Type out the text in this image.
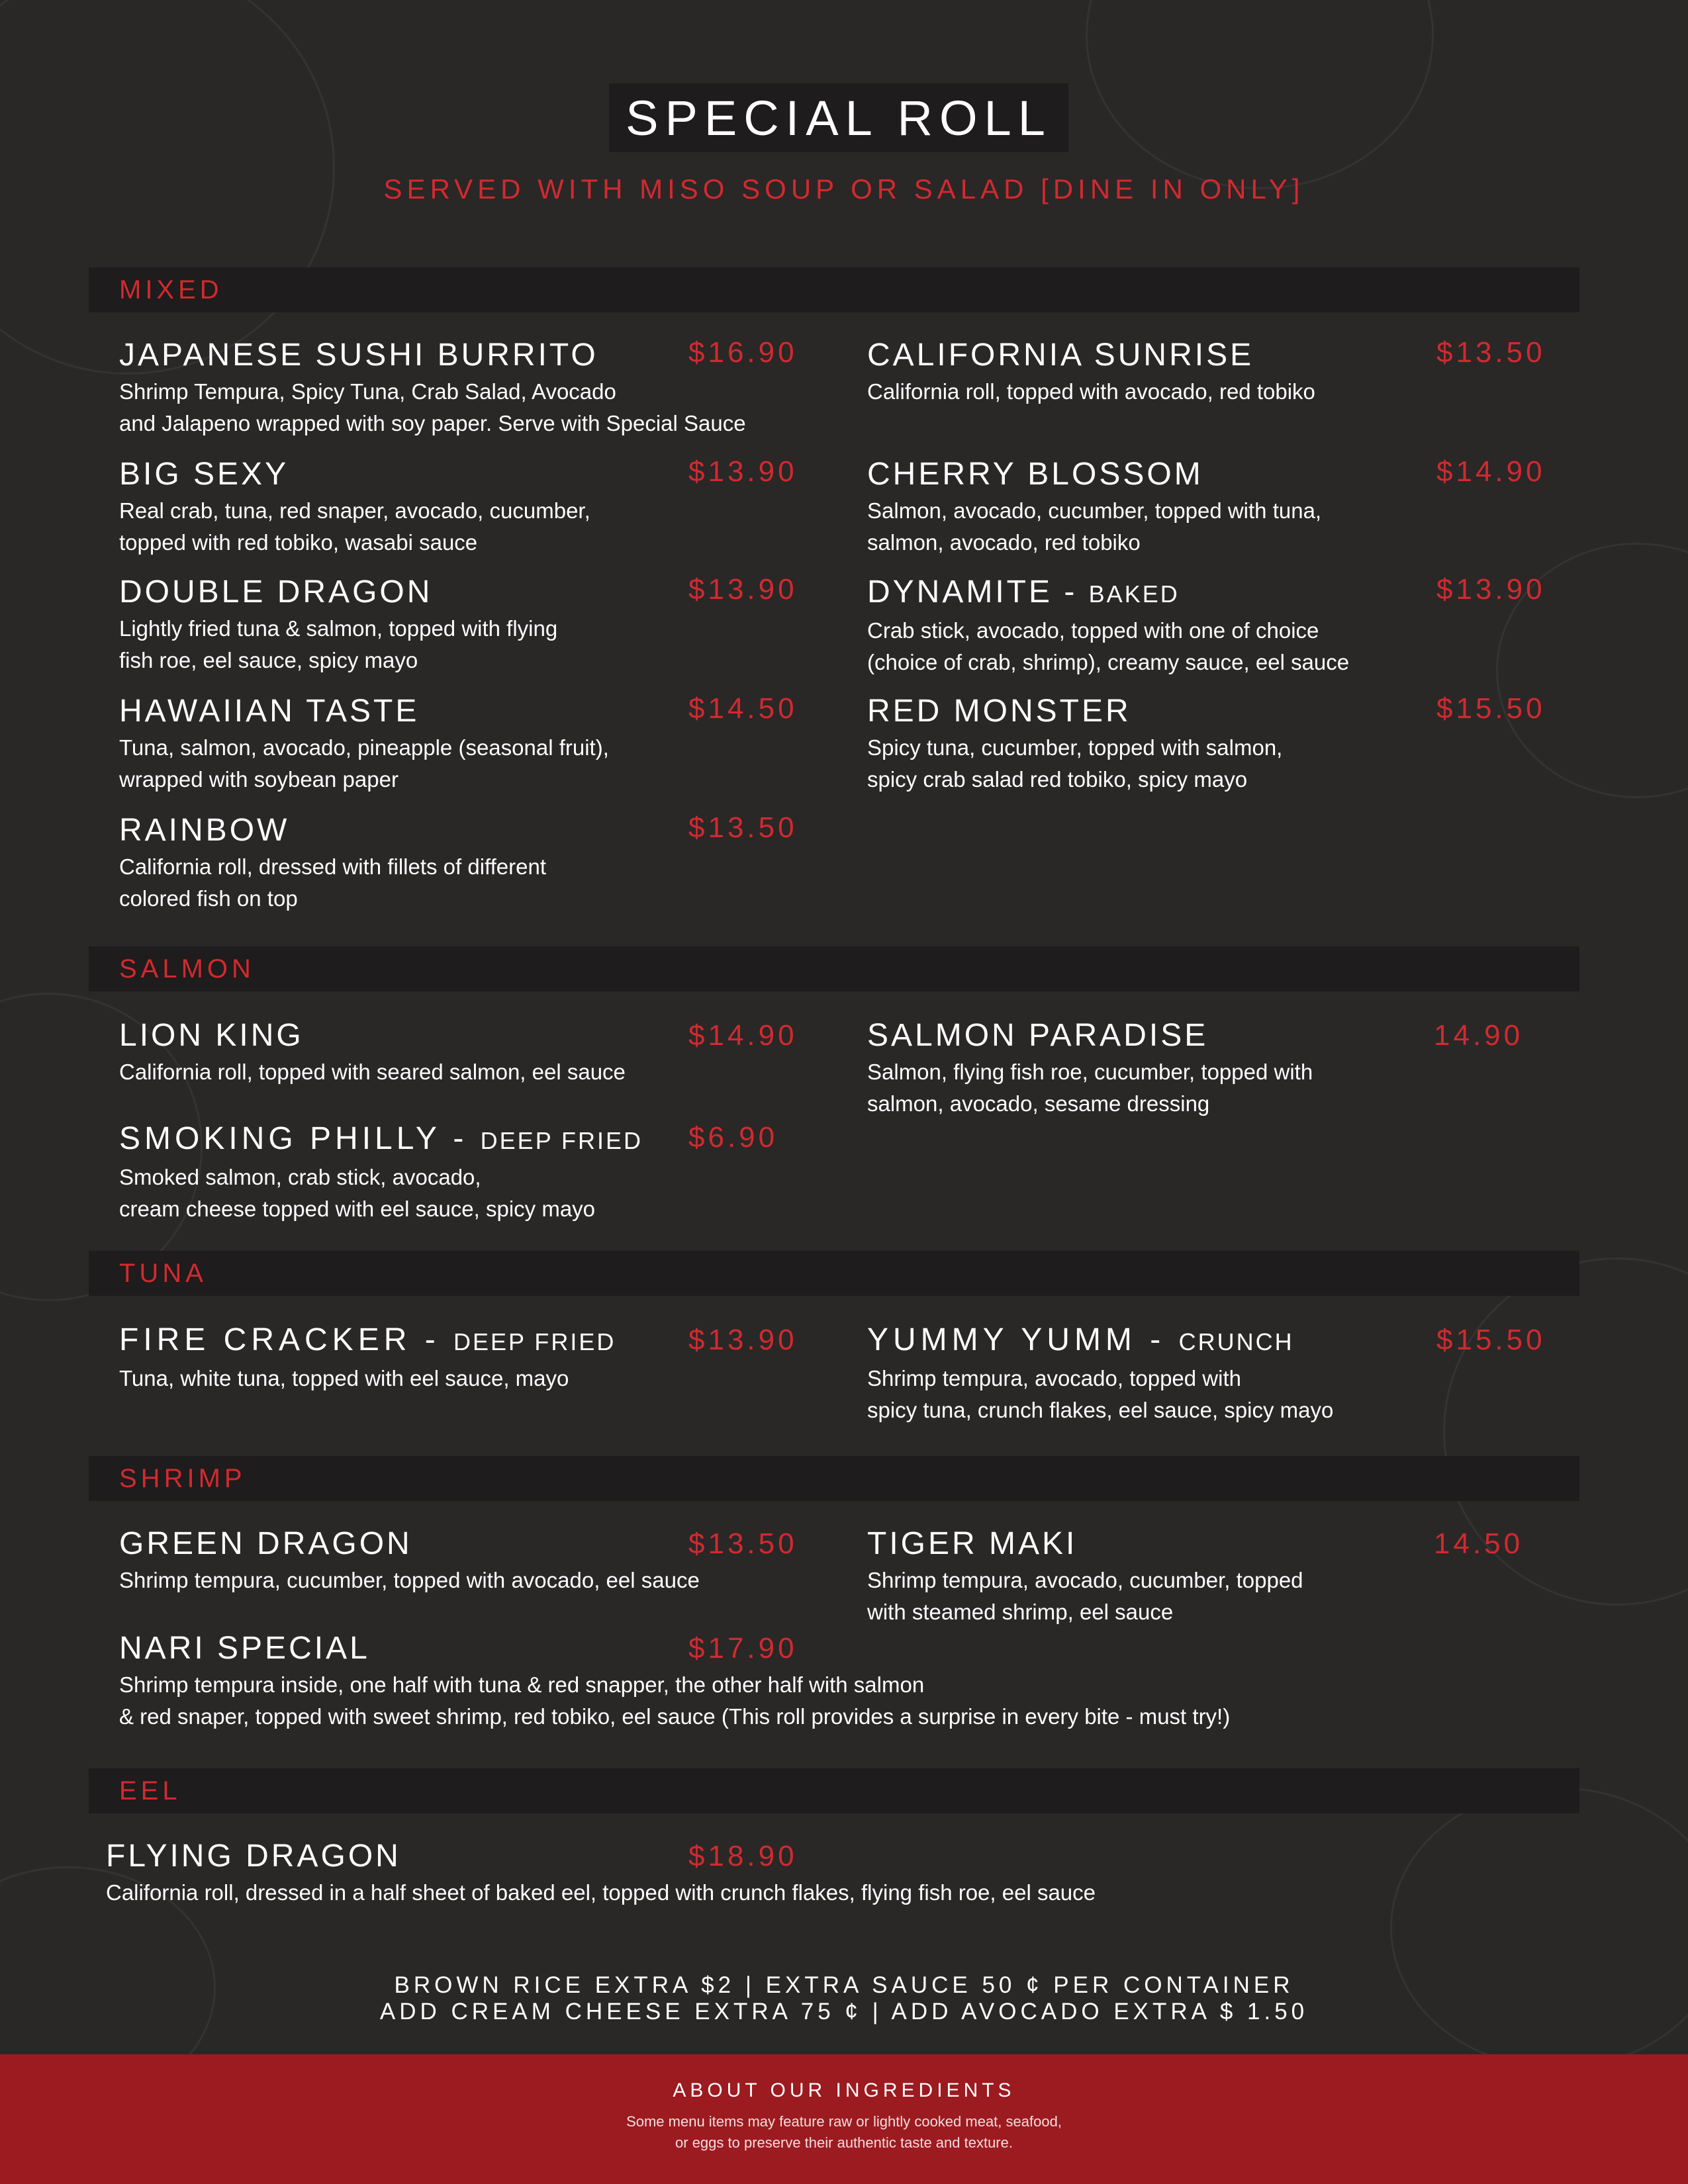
SPECIAL ROLL
SERVED WITH MISO SOUP OR SALAD [DINE IN ONLY]
MIXED
JAPANESE SUSHI BURRITO
Shrimp Tempura, Spicy Tuna, Crab Salad, Avocado
and Jalapeno wrapped with soy paper. Serve with Special Sauce
$16.90 CALIFORNIA SUNRISE
California roll, topped with avocado, red tobiko
$13.50
BIG SEXY
Real crab, tuna, red snaper, avocado, cucumber,
topped with red tobiko, wasabi sauce
$13.90 CHERRY BLOSSOM
Salmon, avocado, cucumber, topped with tuna,
salmon, avocado, red tobiko
$14.90
DOUBLE DRAGON
Lightly fried tuna & salmon, topped with flying
fish roe, eel sauce, spicy mayo
$13.90 DYNAMITE - BAKED
Crab stick, avocado, topped with one of choice
(choice of crab, shrimp), creamy sauce, eel sauce
$13.90
HAWAIIAN TASTE
Tuna, salmon, avocado, pineapple (seasonal fruit),
wrapped with soybean paper
$14.50 RED MONSTER
Spicy tuna, cucumber, topped with salmon,
spicy crab salad red tobiko, spicy mayo
$15.50
RAINBOW
California roll, dressed with fillets of different
colored fish on top
$13.50
SALMON
LION KING
California roll, topped with seared salmon, eel sauce
$14.90 SALMON PARADISE
Salmon, flying fish roe, cucumber, topped with
salmon, avocado, sesame dressing
14.90
SMOKING PHILLY - DEEP FRIED
Smoked salmon, crab stick, avocado,
cream cheese topped with eel sauce, spicy mayo
$6.90
TUNA
FIRE CRACKER - DEEP FRIED
Tuna, white tuna, topped with eel sauce, mayo
$13.90 YUMMY YUMM - CRUNCH
Shrimp tempura, avocado, topped with
spicy tuna, crunch flakes, eel sauce, spicy mayo
$15.50
SHRIMP
GREEN DRAGON
Shrimp tempura, cucumber, topped with avocado, eel sauce
$13.50 TIGER MAKI
Shrimp tempura, avocado, cucumber, topped
with steamed shrimp, eel sauce
14.50
NARI SPECIAL
Shrimp tempura inside, one half with tuna & red snapper, the other half with salmon
& red snaper, topped with sweet shrimp, red tobiko, eel sauce (This roll provides a surprise in every bite - must try!)
$17.90
EEL
FLYING DRAGON
California roll, dressed in a half sheet of baked eel, topped with crunch flakes, flying fish roe, eel sauce
$18.90
BROWN RICE EXTRA $2 | EXTRA SAUCE 50 ¢ PER CONTAINER
ADD CREAM CHEESE EXTRA 75 ¢ | ADD AVOCADO EXTRA $ 1.50
ABOUT OUR INGREDIENTS
Some menu items may feature raw or lightly cooked meat, seafood,
or eggs to preserve their authentic taste and texture.
